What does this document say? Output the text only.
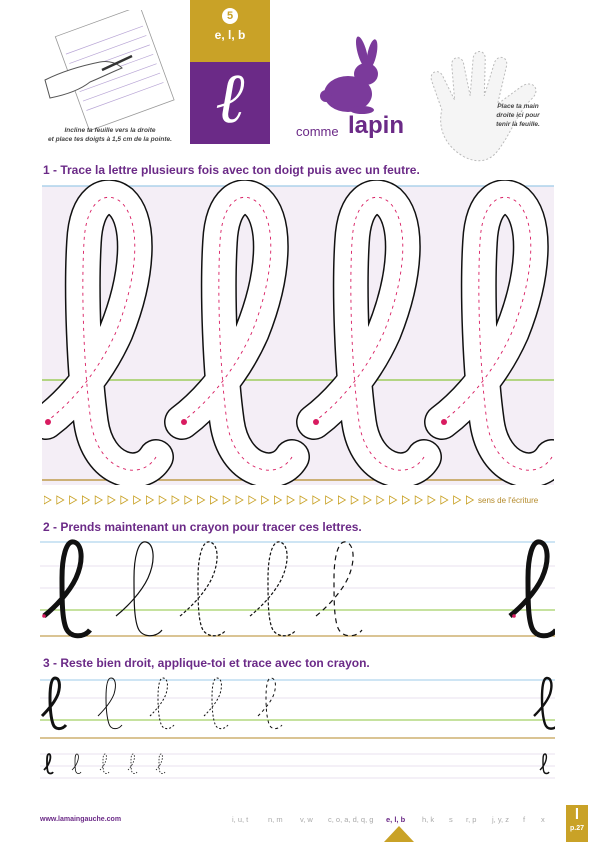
Incline ta feuille vers la droite
et place tes doigts à 1,5 cm de la pointe.
5
e, l, b
ℓ	comme lapin
Place ta main
droite ici pour
tenir la feuille.
1 - Trace la lettre plusieurs fois avec ton doigt puis avec un feutre.
sens de l'écriture
2 - Prends maintenant un crayon pour tracer ces lettres.
3 - Reste bien droit, applique-toi et trace avec ton crayon.
www.lamaingauche.com	i, u, t	n, m v, w c, o, a, d, q, g e, l, b h, k s r, p j, y, z f x	l
p.27
